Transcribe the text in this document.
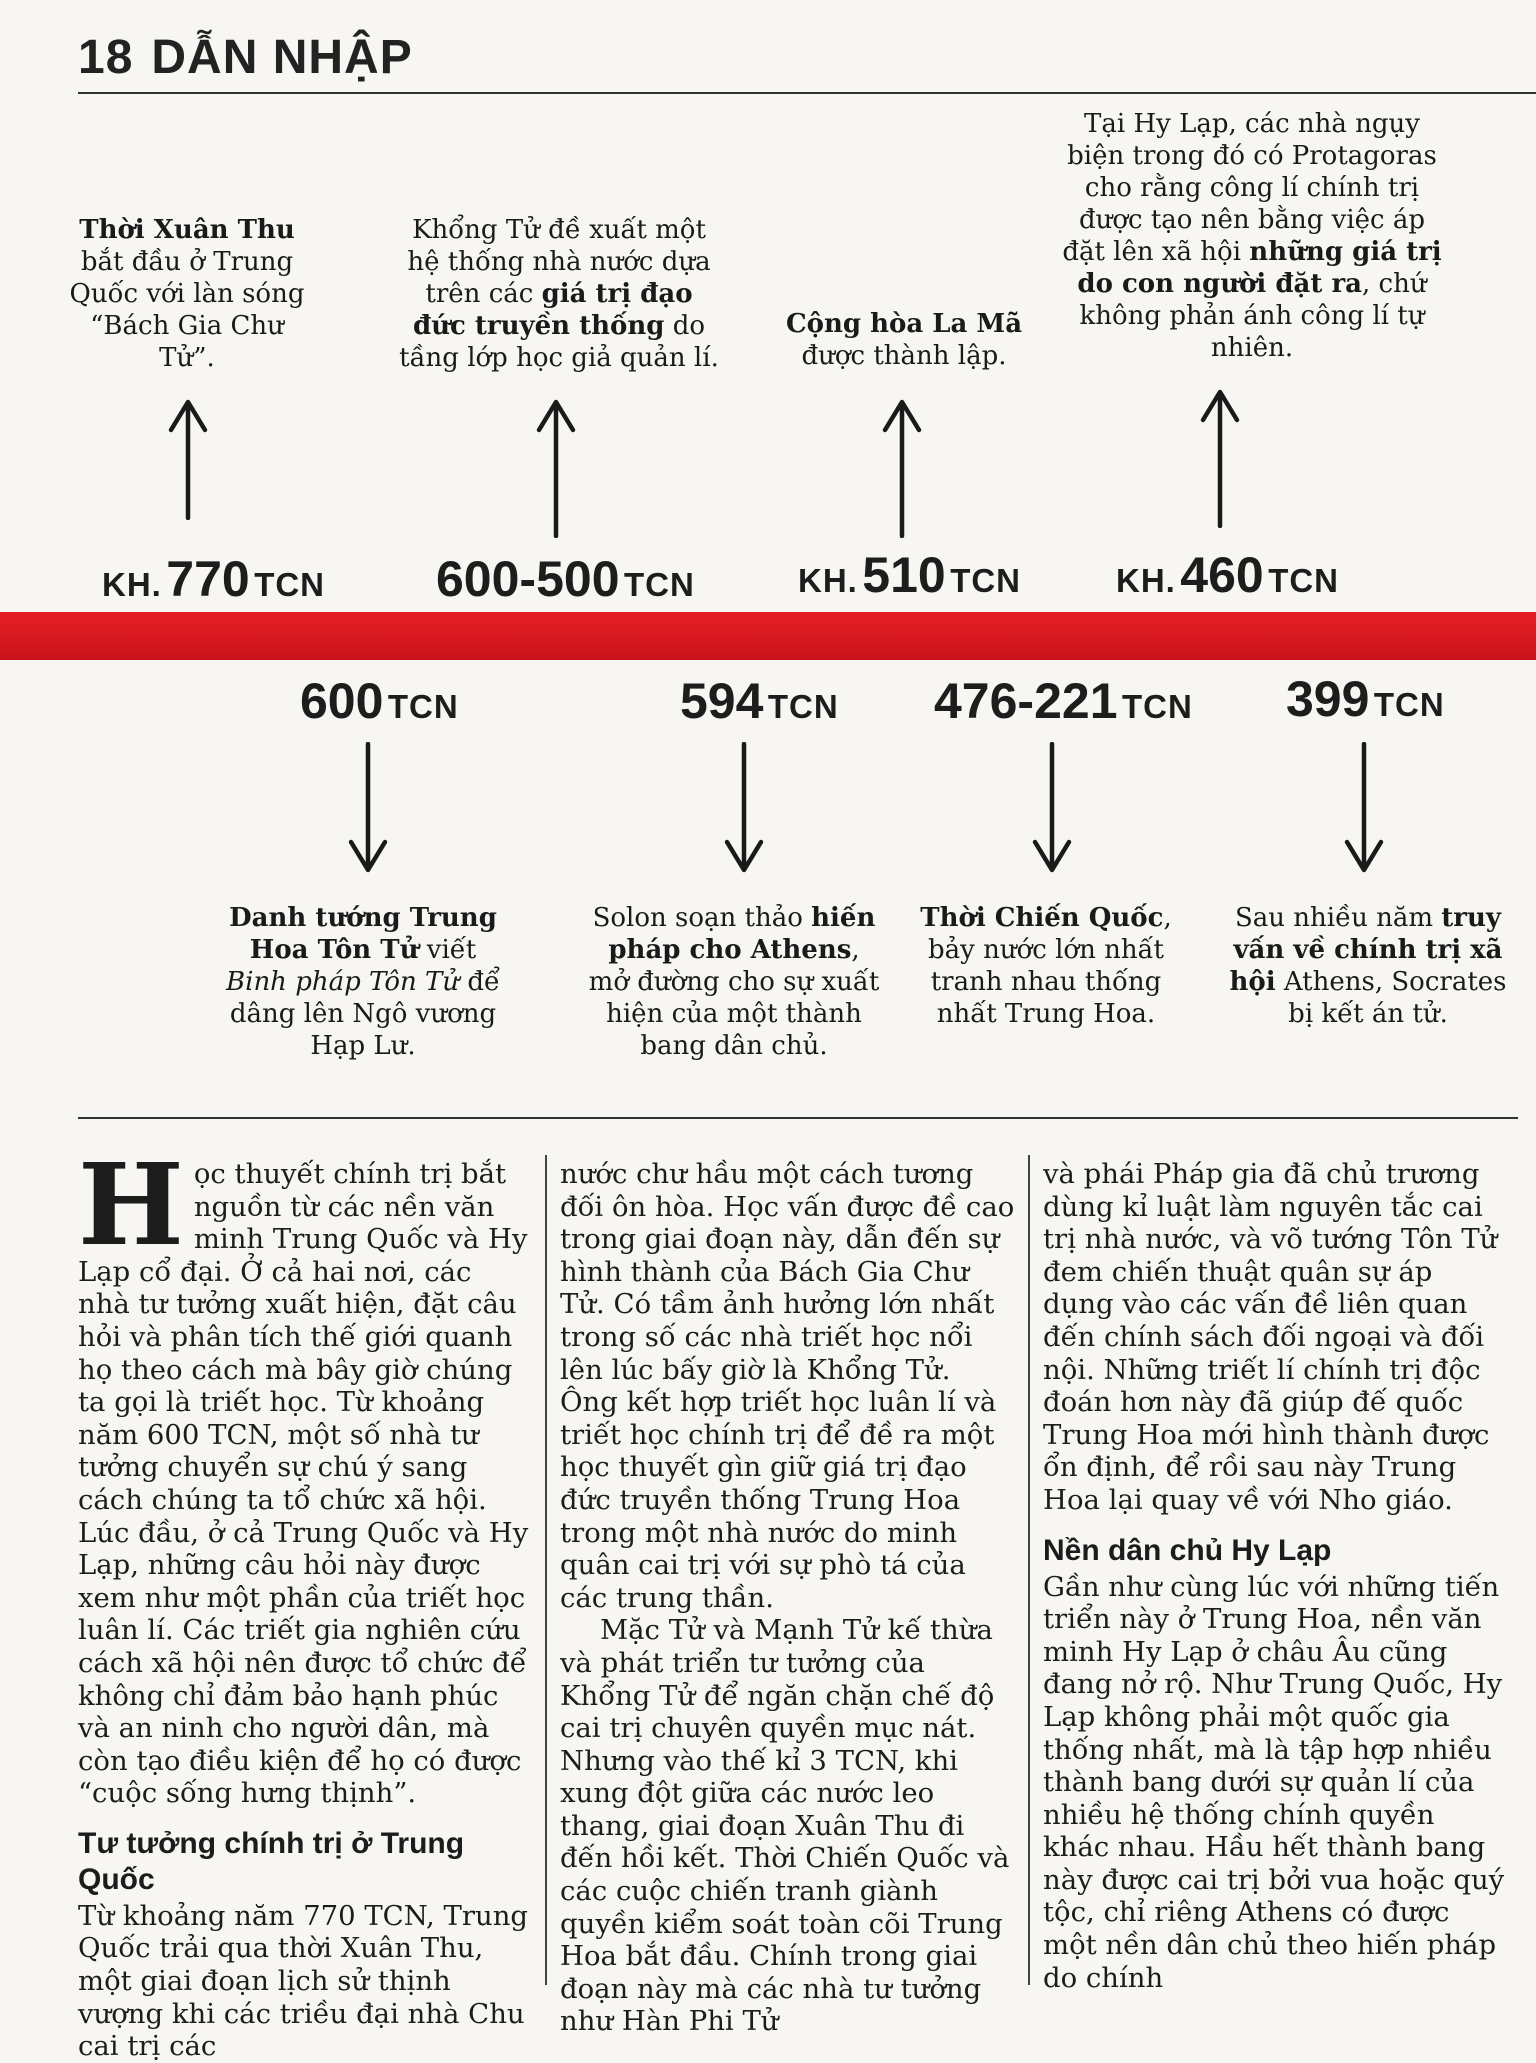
18 DẪN NHẬP
Thời Xuân Thu bắt đầu ở Trung Quốc với làn sóng “Bách Gia Chư Tử”.
Khổng Tử đề xuất một hệ thống nhà nước dựa trên các giá trị đạo đức truyền thống do tầng lớp học giả quản lí.
Cộng hòa La Mã được thành lập.
Tại Hy Lạp, các nhà ngụy biện trong đó có Protagoras cho rằng công lí chính trị được tạo nên bằng việc áp đặt lên xã hội những giá trị do con người đặt ra, chứ không phản ánh công lí tự nhiên.
KH. 770 TCN 600-500 TCN	KH. 510 TCN	KH. 460 TCN
600 TCN	594 TCN 476-221 TCN 399 TCN
Danh tướng Trung Hoa Tôn Tử viết Binh pháp Tôn Tử để dâng lên Ngô vương Hạp Lư.
Solon soạn thảo hiến pháp cho Athens, mở đường cho sự xuất hiện của một thành bang dân chủ.
Thời Chiến Quốc, bảy nước lớn nhất tranh nhau thống nhất Trung Hoa.
Sau nhiều năm truy vấn về chính trị xã hội Athens, Socrates bị kết án tử.

Học thuyết chính trị bắt nguồn từ các nền văn minh Trung Quốc và Hy Lạp cổ đại. Ở cả hai nơi, các nhà tư tưởng xuất hiện, đặt câu hỏi và phân tích thế giới quanh họ theo cách mà bây giờ chúng ta gọi là triết học. Từ khoảng năm 600 TCN, một số nhà tư tưởng chuyển sự chú ý sang cách chúng ta tổ chức xã hội. Lúc đầu, ở cả Trung Quốc và Hy Lạp, những câu hỏi này được xem như một phần của triết học luân lí. Các triết gia nghiên cứu cách xã hội nên được tổ chức để không chỉ đảm bảo hạnh phúc và an ninh cho người dân, mà còn tạo điều kiện để họ có được “cuộc sống hưng thịnh”.

Tư tưởng chính trị ở Trung Quốc

Từ khoảng năm 770 TCN, Trung Quốc trải qua thời Xuân Thu, một giai đoạn lịch sử thịnh vượng khi các triều đại nhà Chu cai trị các

nước chư hầu một cách tương đối ôn hòa. Học vấn được đề cao trong giai đoạn này, dẫn đến sự hình thành của Bách Gia Chư Tử. Có tầm ảnh hưởng lớn nhất trong số các nhà triết học nổi lên lúc bấy giờ là Khổng Tử. Ông kết hợp triết học luân lí và triết học chính trị để đề ra một học thuyết gìn giữ giá trị đạo đức truyền thống Trung Hoa trong một nhà nước do minh quân cai trị với sự phò tá của các trung thần.

Mặc Tử và Mạnh Tử kế thừa và phát triển tư tưởng của Khổng Tử để ngăn chặn chế độ cai trị chuyên quyền mục nát. Nhưng vào thế kỉ 3 TCN, khi xung đột giữa các nước leo thang, giai đoạn Xuân Thu đi đến hồi kết. Thời Chiến Quốc và các cuộc chiến tranh giành quyền kiểm soát toàn cõi Trung Hoa bắt đầu. Chính trong giai đoạn này mà các nhà tư tưởng như Hàn Phi Tử

và phái Pháp gia đã chủ trương dùng kỉ luật làm nguyên tắc cai trị nhà nước, và võ tướng Tôn Tử đem chiến thuật quân sự áp dụng vào các vấn đề liên quan đến chính sách đối ngoại và đối nội. Những triết lí chính trị độc đoán hơn này đã giúp đế quốc Trung Hoa mới hình thành được ổn định, để rồi sau này Trung Hoa lại quay về với Nho giáo.

Nền dân chủ Hy Lạp

Gần như cùng lúc với những tiến triển này ở Trung Hoa, nền văn minh Hy Lạp ở châu Âu cũng đang nở rộ. Như Trung Quốc, Hy Lạp không phải một quốc gia thống nhất, mà là tập hợp nhiều thành bang dưới sự quản lí của nhiều hệ thống chính quyền khác nhau. Hầu hết thành bang này được cai trị bởi vua hoặc quý tộc, chỉ riêng Athens có được một nền dân chủ theo hiến pháp do chính
